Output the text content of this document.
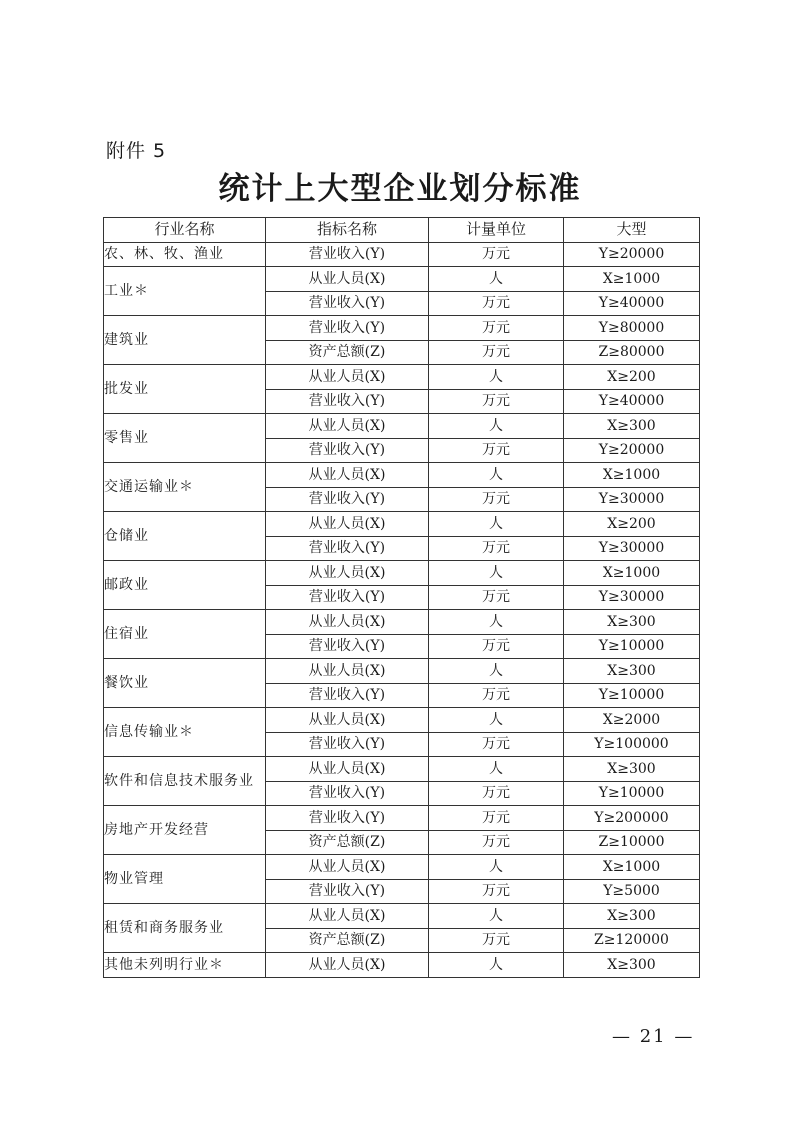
附件 5
统计上大型企业划分标准
行业名称	指标名称	计量单位	大型
农、林、牧、渔业	营业收入(Y)	万元	Y≥20000
工业＊	从业人员(X)	人	X≥1000
	营业收入(Y)	万元	Y≥40000
建筑业	营业收入(Y)	万元	Y≥80000
	资产总额(Z)	万元	Z≥80000
批发业	从业人员(X)	人	X≥200
	营业收入(Y)	万元	Y≥40000
零售业	从业人员(X)	人	X≥300
	营业收入(Y)	万元	Y≥20000
交通运输业＊	从业人员(X)	人	X≥1000
	营业收入(Y)	万元	Y≥30000
仓储业	从业人员(X)	人	X≥200
	营业收入(Y)	万元	Y≥30000
邮政业	从业人员(X)	人	X≥1000
	营业收入(Y)	万元	Y≥30000
住宿业	从业人员(X)	人	X≥300
	营业收入(Y)	万元	Y≥10000
餐饮业	从业人员(X)	人	X≥300
	营业收入(Y)	万元	Y≥10000
信息传输业＊	从业人员(X)	人	X≥2000
	营业收入(Y)	万元	Y≥100000
软件和信息技术服务业	从业人员(X)	人	X≥300
	营业收入(Y)	万元	Y≥10000
房地产开发经营	营业收入(Y)	万元	Y≥200000
	资产总额(Z)	万元	Z≥10000
物业管理	从业人员(X)	人	X≥1000
	营业收入(Y)	万元	Y≥5000
租赁和商务服务业	从业人员(X)	人	X≥300
	资产总额(Z)	万元	Z≥120000
其他未列明行业＊	从业人员(X)	人	X≥300
— 21 —
